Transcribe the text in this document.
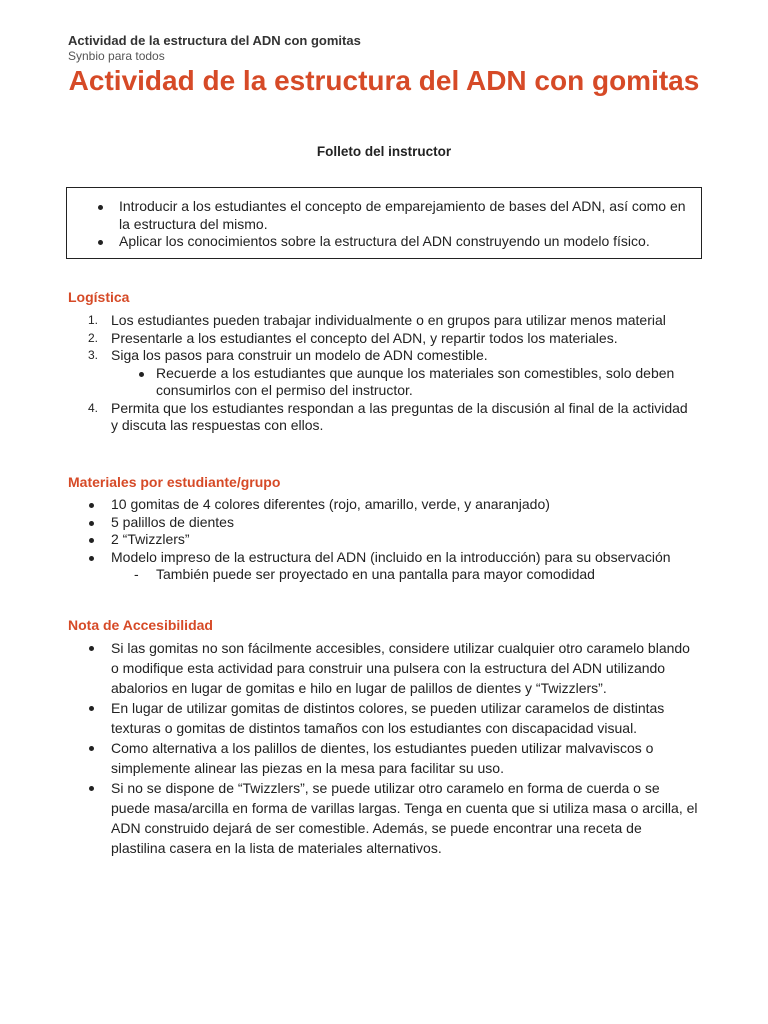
Actividad de la estructura del ADN con gomitas
Synbio para todos
Actividad de la estructura del ADN con gomitas
Folleto del instructor
Introducir a los estudiantes el concepto de emparejamiento de bases del ADN, así como en la estructura del mismo.
Aplicar los conocimientos sobre la estructura del ADN construyendo un modelo físico.
Logística
1. Los estudiantes pueden trabajar individualmente o en grupos para utilizar menos material
2. Presentarle a los estudiantes el concepto del ADN, y repartir todos los materiales.
3. Siga los pasos para construir un modelo de ADN comestible.
Recuerde a los estudiantes que aunque los materiales son comestibles, solo deben consumirlos con el permiso del instructor.
4. Permita que los estudiantes respondan a las preguntas de la discusión al final de la actividad y discuta las respuestas con ellos.
Materiales por estudiante/grupo
10 gomitas de 4 colores diferentes (rojo, amarillo, verde, y anaranjado)
5 palillos de dientes
2 “Twizzlers”
Modelo impreso de la estructura del ADN (incluido en la introducción) para su observación
- También puede ser proyectado en una pantalla para mayor comodidad
Nota de Accesibilidad
Si las gomitas no son fácilmente accesibles, considere utilizar cualquier otro caramelo blando o modifique esta actividad para construir una pulsera con la estructura del ADN utilizando abalorios en lugar de gomitas e hilo en lugar de palillos de dientes y “Twizzlers”.
En lugar de utilizar gomitas de distintos colores, se pueden utilizar caramelos de distintas texturas o gomitas de distintos tamaños con los estudiantes con discapacidad visual.
Como alternativa a los palillos de dientes, los estudiantes pueden utilizar malvaviscos o simplemente alinear las piezas en la mesa para facilitar su uso.
Si no se dispone de “Twizzlers”, se puede utilizar otro caramelo en forma de cuerda o se puede masa/arcilla en forma de varillas largas. Tenga en cuenta que si utiliza masa o arcilla, el ADN construido dejará de ser comestible. Además, se puede encontrar una receta de plastilina casera en la lista de materiales alternativos.
